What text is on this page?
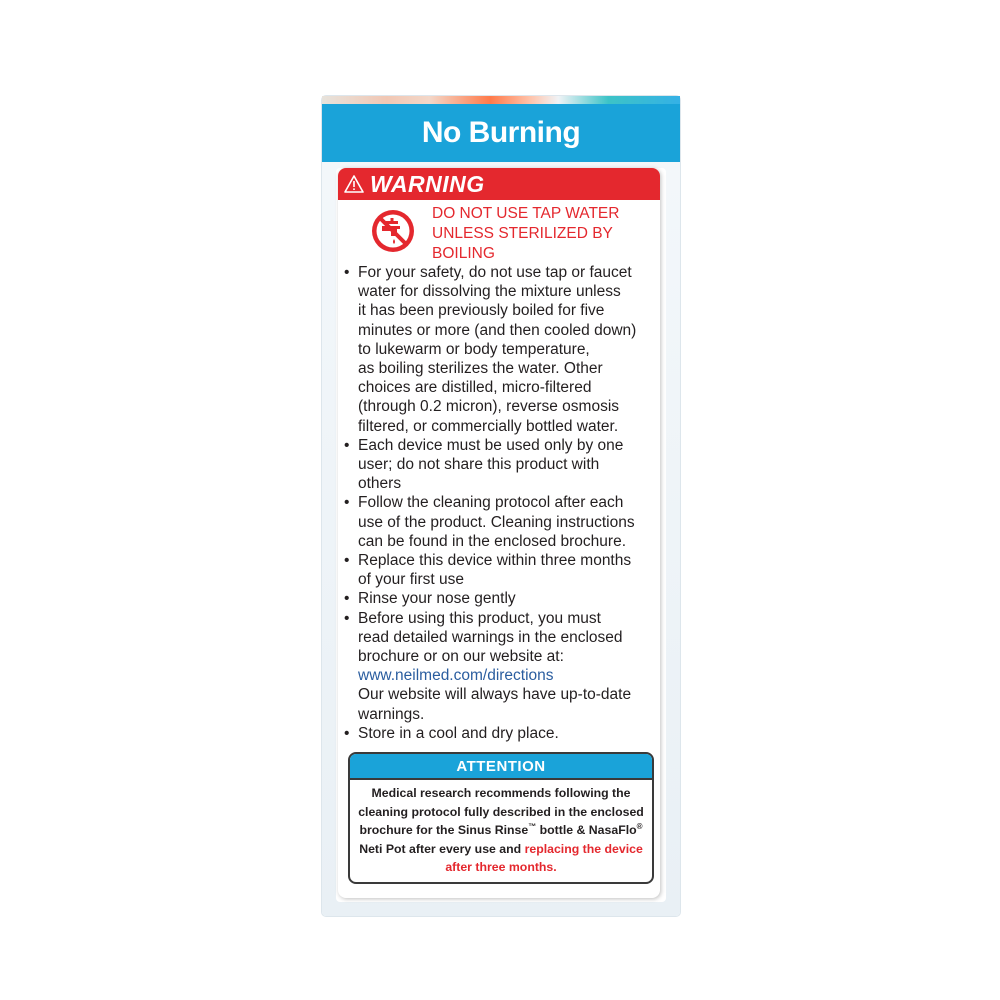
No Burning
WARNING
DO NOT USE TAP WATER
UNLESS STERILIZED BY
BOILING
• For your safety, do not use tap or faucet
water for dissolving the mixture unless
it has been previously boiled for five
minutes or more (and then cooled down)
to lukewarm or body temperature,
as boiling sterilizes the water. Other
choices are distilled, micro-filtered
(through 0.2 micron), reverse osmosis
filtered, or commercially bottled water.
• Each device must be used only by one
user; do not share this product with
others
• Follow the cleaning protocol after each
use of the product. Cleaning instructions
can be found in the enclosed brochure.
• Replace this device within three months
of your first use
• Rinse your nose gently
• Before using this product, you must
read detailed warnings in the enclosed
brochure or on our website at:
www.neilmed.com/directions
Our website will always have up-to-date
warnings.
• Store in a cool and dry place.
ATTENTION
Medical research recommends following the
cleaning protocol fully described in the enclosed
brochure for the Sinus Rinse™ bottle & NasaFlo®
Neti Pot after every use and replacing the device
after three months.
